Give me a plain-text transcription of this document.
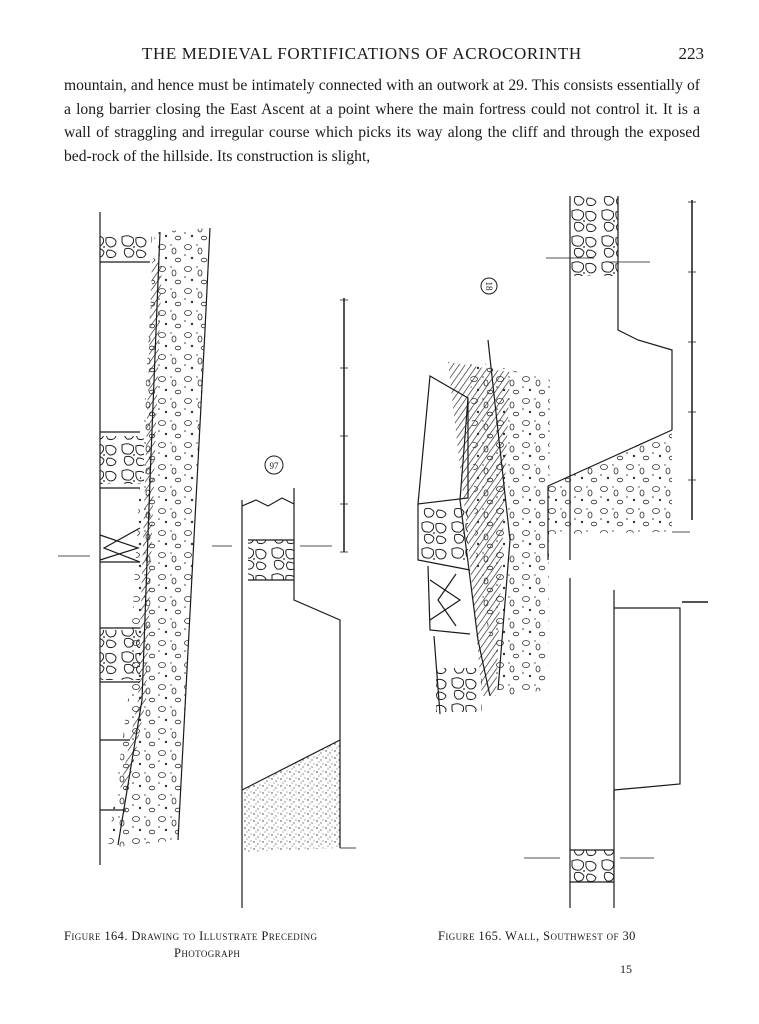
THE MEDIEVAL FORTIFICATIONS OF ACROCORINTH	223

mountain, and hence must be intimately connected with an outwork at 29. This consists essentially of a long barrier closing the East Ascent at a point where the main fortress could not control it. It is a wall of straggling and irregular course which picks its way along the cliff and through the exposed bed-rock of the hillside. Its construction is slight,

97
18
Figure 164. Drawing to Illustrate Preceding
Photograph
Figure 165. Wall, Southwest of 30
15
